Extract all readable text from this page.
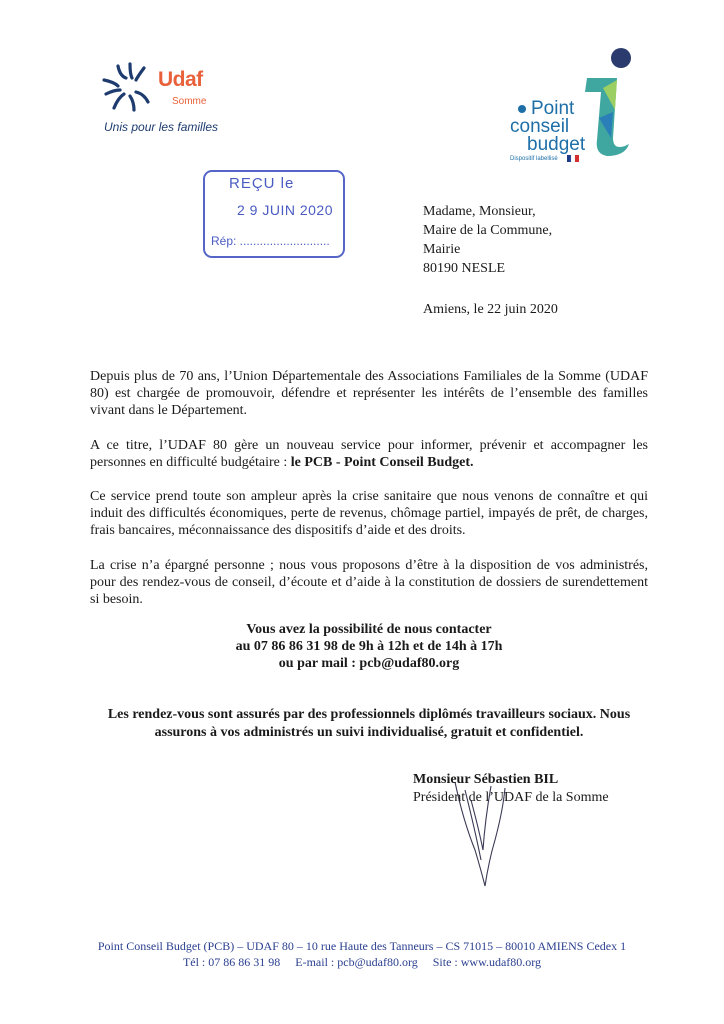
Udaf
Somme
Unis pour les familles
Point
conseil
budget
Dispositif labellisé
REÇU le
2 9 JUIN 2020
Rép: ...........................
Madame, Monsieur,
Maire de la Commune,
Mairie
80190 NESLE
Amiens, le 22 juin 2020
Depuis plus de 70 ans, l’Union Départementale des Associations Familiales de la Somme (UDAF 80) est chargée de promouvoir, défendre et représenter les intérêts de l’ensemble des familles vivant dans le Département.
A ce titre, l’UDAF 80 gère un nouveau service pour informer, prévenir et accompagner les personnes en difficulté budgétaire : le PCB - Point Conseil Budget.
Ce service prend toute son ampleur après la crise sanitaire que nous venons de connaître et qui induit des difficultés économiques, perte de revenus, chômage partiel, impayés de prêt, de charges, frais bancaires, méconnaissance des dispositifs d’aide et des droits.
La crise n’a épargné personne ; nous vous proposons d’être à la disposition de vos administrés, pour des rendez-vous de conseil, d’écoute et d’aide à la constitution de dossiers de surendettement si besoin.
Vous avez la possibilité de nous contacter
au 07 86 86 31 98 de 9h à 12h et de 14h à 17h
ou par mail : pcb@udaf80.org
Les rendez-vous sont assurés par des professionnels diplômés travailleurs sociaux. Nous
assurons à vos administrés un suivi individualisé, gratuit et confidentiel.
Monsieur Sébastien BIL
Président de l’UDAF de la Somme
Point Conseil Budget (PCB) – UDAF 80 – 10 rue Haute des Tanneurs – CS 71015 – 80010 AMIENS Cedex 1
Tél : 07 86 86 31 98     E-mail : pcb@udaf80.org     Site : www.udaf80.org
